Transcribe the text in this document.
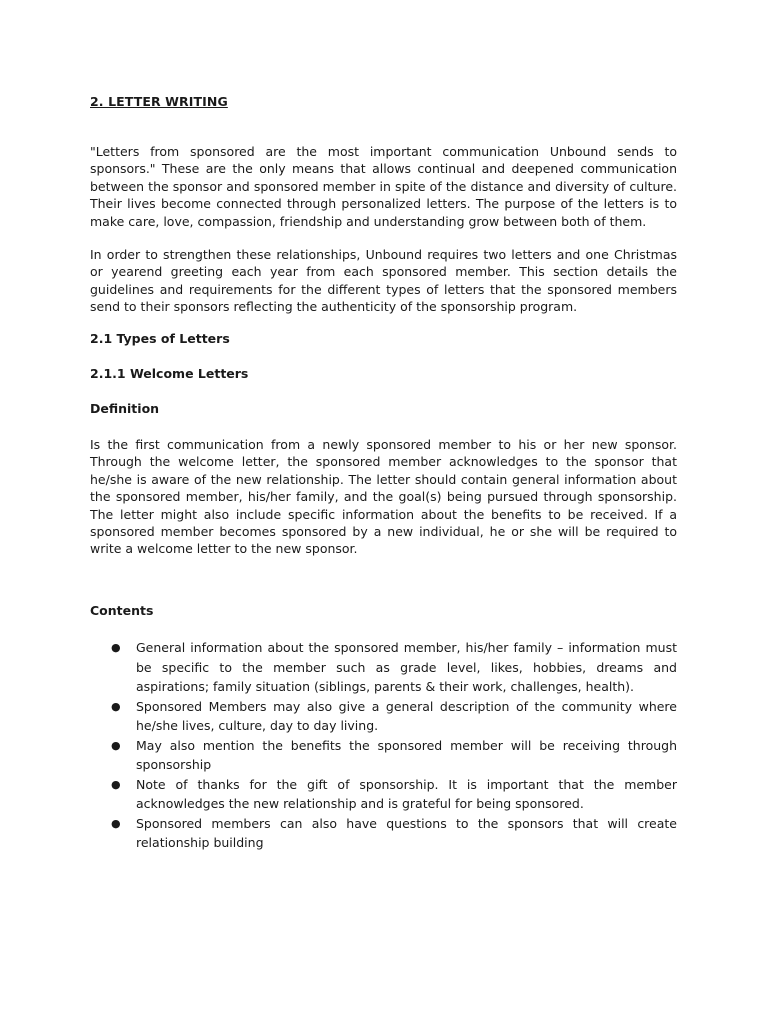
2. LETTER WRITING

"Letters from sponsored are the most important communication Unbound sends to sponsors." These are the only means that allows continual and deepened communication between the sponsor and sponsored member in spite of the distance and diversity of culture. Their lives become connected through personalized letters. The purpose of the letters is to make care, love, compassion, friendship and understanding grow between both of them.

In order to strengthen these relationships, Unbound requires two letters and one Christmas or yearend greeting each year from each sponsored member. This section details the guidelines and requirements for the different types of letters that the sponsored members send to their sponsors reflecting the authenticity of the sponsorship program.

2.1 Types of Letters
2.1.1 Welcome Letters
Definition

Is the first communication from a newly sponsored member to his or her new sponsor. Through the welcome letter, the sponsored member acknowledges to the sponsor that he/she is aware of the new relationship. The letter should contain general information about the sponsored member, his/her family, and the goal(s) being pursued through sponsorship. The letter might also include specific information about the benefits to be received. If a sponsored member becomes sponsored by a new individual, he or she will be required to write a welcome letter to the new sponsor.

Contents
● General information about the sponsored member, his/her family – information must be specific to the member such as grade level, likes, hobbies, dreams and aspirations; family situation (siblings, parents & their work, challenges, health).
● Sponsored Members may also give a general description of the community where he/she lives, culture, day to day living.
● May also mention the benefits the sponsored member will be receiving through sponsorship
● Note of thanks for the gift of sponsorship. It is important that the member acknowledges the new relationship and is grateful for being sponsored.
● Sponsored members can also have questions to the sponsors that will create relationship building
